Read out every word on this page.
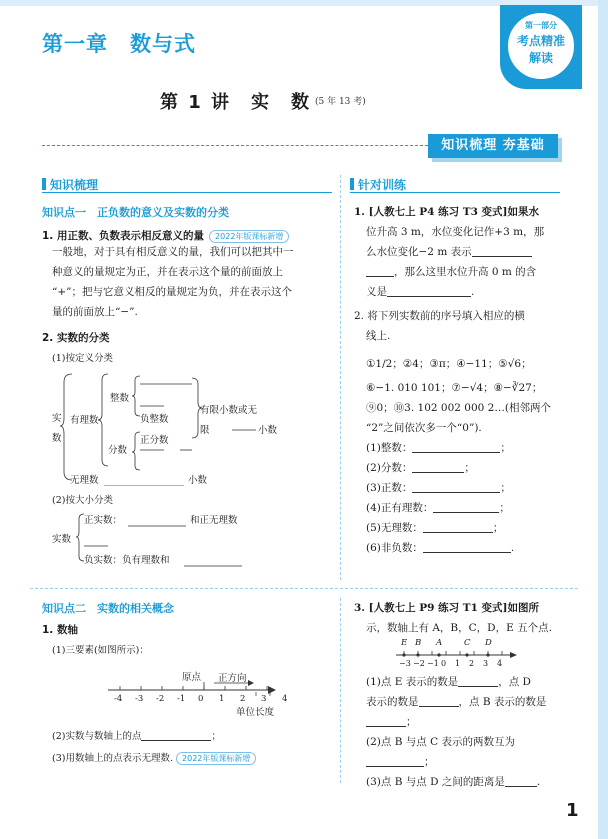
第一章　数与式
第一部分
考点精准
解读
第 1 讲　实　数 (5 年 13 考)
知识梳理 夯基础
知识梳理
知识点一　正负数的意义及实数的分类
1. 用正数、负数表示相反意义的量 2022年版课标新增
一般地，对于具有相反意义的量，我们可以把其中一
种意义的量规定为正，并在表示这个量的前面放上
“+”；把与它意义相反的量规定为负，并在表示这个
量的前面放上“−”.
2. 实数的分类
(1)按定义分类
实
数
有理数
整数
负整数
分数
正分数
有限小数或无
限	小数
无理数	小数
(2)按大小分类
实数
正实数：	和正无理数
负实数：负有理数和
知识点二　实数的相关概念
1. 数轴
(1)三要素(如图所示)：
原点 正方向
-4 -3 -2 -1 0 1 2 3 4
单位长度
(2)实数与数轴上的点	；
(3)用数轴上的点表示无理数. 2022年版课标新增
针对训练
1. [人教七上 P4 练习 T3 变式]如果水
位升高 3 m，水位变化记作+3 m，那
么水位变化−2 m 表示
，那么这里水位升高 0 m 的含
义是	.
2. 将下列实数前的序号填入相应的横
线上.
①1/2；②4；③π；④−11；⑤√6；
⑥−1. 010 101；⑦−√4；⑧−∛27；
⑨0；⑩3. 102 002 000 2…(相邻两个
“2”之间依次多一个“0”).
(1)整数：	；
(2)分数：	；
(3)正数：	；
(4)正有理数：	；
(5)无理数：	；
(6)非负数：	.
3. [人教七上 P9 练习 T1 变式]如图所
示，数轴上有 A，B，C，D，E 五个点.
E B A	C D
−3 −2 −1 0 1 2 3 4
(1)点 E 表示的数是	，点 D
表示的数是	，点 B 表示的数是
；
(2)点 B 与点 C 表示的两数互为
；
(3)点 B 与点 D 之间的距离是	.
1
